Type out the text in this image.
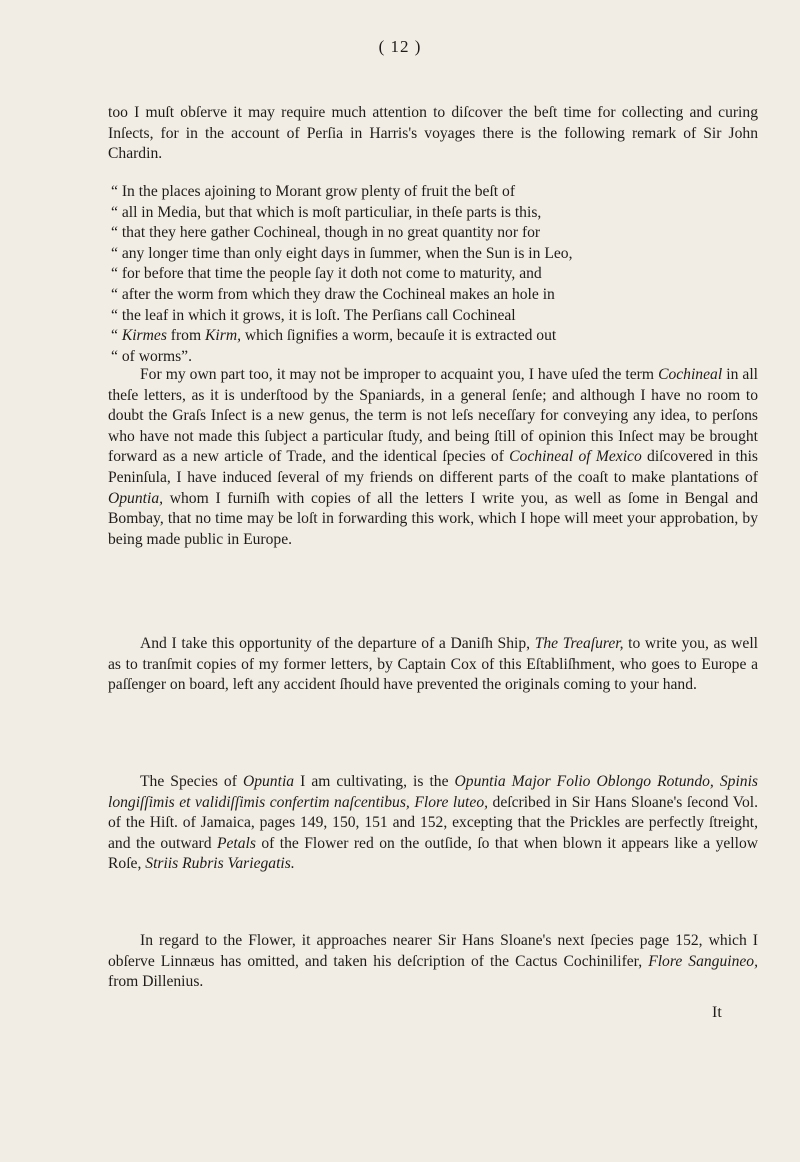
( 12 )

too I muſt obſerve it may require much attention to diſcover the beſt time for collecting and curing Inſects, for in the account of Perſia in Harris's voyages there is the following remark of Sir John Chardin.

“ In the places ajoining to Morant grow plenty of fruit the beſt of
“ all in Media, but that which is moſt particuliar, in theſe parts is this,
“ that they here gather Cochineal, though in no great quantity nor for
“ any longer time than only eight days in ſummer, when the Sun is in Leo,
“ for before that time the people ſay it doth not come to maturity, and
“ after the worm from which they draw the Cochineal makes an hole in
“ the leaf in which it grows, it is loſt. The Perſians call Cochineal
“ Kirmes from Kirm, which ſignifies a worm, becauſe it is extracted out
“ of worms”.

For my own part too, it may not be improper to acquaint you, I have uſed the term Cochineal in all theſe letters, as it is underſtood by the Spaniards, in a general ſenſe; and although I have no room to doubt the Graſs Inſect is a new genus, the term is not leſs neceſſary for conveying any idea, to perſons who have not made this ſubject a particular ſtudy, and being ſtill of opinion this Inſect may be brought forward as a new article of Trade, and the identical ſpecies of Cochineal of Mexico diſcovered in this Peninſula, I have induced ſeveral of my friends on different parts of the coaſt to make plantations of Opuntia, whom I furniſh with copies of all the letters I write you, as well as ſome in Bengal and Bombay, that no time may be loſt in forwarding this work, which I hope will meet your approbation, by being made public in Europe.

And I take this opportunity of the departure of a Daniſh Ship, The Treaſurer, to write you, as well as to tranſmit copies of my former letters, by Captain Cox of this Eſtabliſhment, who goes to Europe a paſſenger on board, left any accident ſhould have prevented the originals coming to your hand.

The Species of Opuntia I am cultivating, is the Opuntia Major Folio Oblongo Rotundo, Spinis longiſſimis et validiſſimis confertim naſcentibus, Flore luteo, deſcribed in Sir Hans Sloane's ſecond Vol. of the Hiſt. of Jamaica, pages 149, 150, 151 and 152, excepting that the Prickles are perfectly ſtreight, and the outward Petals of the Flower red on the outſide, ſo that when blown it appears like a yellow Roſe, Striis Rubris Variegatis.

In regard to the Flower, it approaches nearer Sir Hans Sloane's next ſpecies page 152, which I obſerve Linnæus has omitted, and taken his deſcription of the Cactus Cochinilifer, Flore Sanguineo, from Dillenius.

It
